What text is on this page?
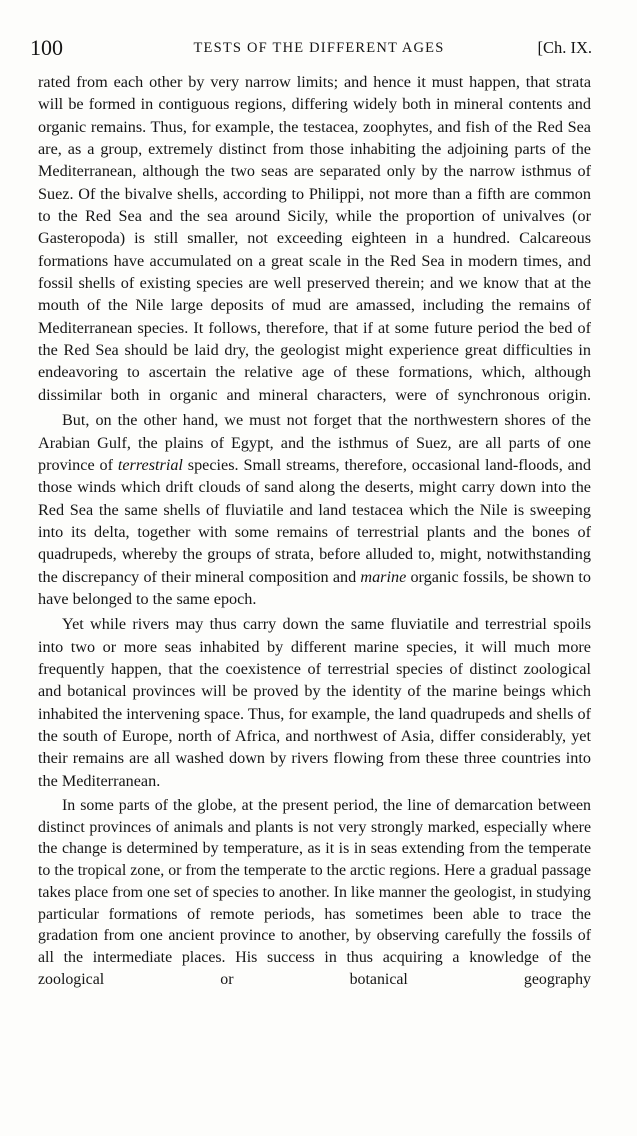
100	TESTS OF THE DIFFERENT AGES	[Ch. IX.

rated from each other by very narrow limits; and hence it must happen, that strata will be formed in contiguous regions, differing widely both in mineral contents and organic remains. Thus, for example, the testacea, zoophytes, and fish of the Red Sea are, as a group, extremely distinct from those inhabiting the adjoining parts of the Mediterranean, although the two seas are separated only by the narrow isthmus of Suez. Of the bivalve shells, according to Philippi, not more than a fifth are common to the Red Sea and the sea around Sicily, while the proportion of univalves (or Gasteropoda) is still smaller, not exceeding eighteen in a hundred. Calcareous formations have accumulated on a great scale in the Red Sea in modern times, and fossil shells of existing species are well preserved therein; and we know that at the mouth of the Nile large deposits of mud are amassed, including the remains of Mediterranean species. It follows, therefore, that if at some future period the bed of the Red Sea should be laid dry, the geologist might experience great difficulties in endeavoring to ascertain the relative age of these formations, which, although dissimilar both in organic and mineral characters, were of synchronous origin.

But, on the other hand, we must not forget that the northwestern shores of the Arabian Gulf, the plains of Egypt, and the isthmus of Suez, are all parts of one province of terrestrial species. Small streams, therefore, occasional land-floods, and those winds which drift clouds of sand along the deserts, might carry down into the Red Sea the same shells of fluviatile and land testacea which the Nile is sweeping into its delta, together with some remains of terrestrial plants and the bones of quadrupeds, whereby the groups of strata, before alluded to, might, notwithstanding the discrepancy of their mineral composition and marine organic fossils, be shown to have belonged to the same epoch.

Yet while rivers may thus carry down the same fluviatile and terrestrial spoils into two or more seas inhabited by different marine species, it will much more frequently happen, that the coexistence of terrestrial species of distinct zoological and botanical provinces will be proved by the identity of the marine beings which inhabited the intervening space. Thus, for example, the land quadrupeds and shells of the south of Europe, north of Africa, and northwest of Asia, differ considerably, yet their remains are all washed down by rivers flowing from these three countries into the Mediterranean.

In some parts of the globe, at the present period, the line of demarcation between distinct provinces of animals and plants is not very strongly marked, especially where the change is determined by temperature, as it is in seas extending from the temperate to the tropical zone, or from the temperate to the arctic regions. Here a gradual passage takes place from one set of species to another. In like manner the geologist, in studying particular formations of remote periods, has sometimes been able to trace the gradation from one ancient province to another, by observing carefully the fossils of all the intermediate places. His success in thus acquiring a knowledge of the zoological or botanical geography
